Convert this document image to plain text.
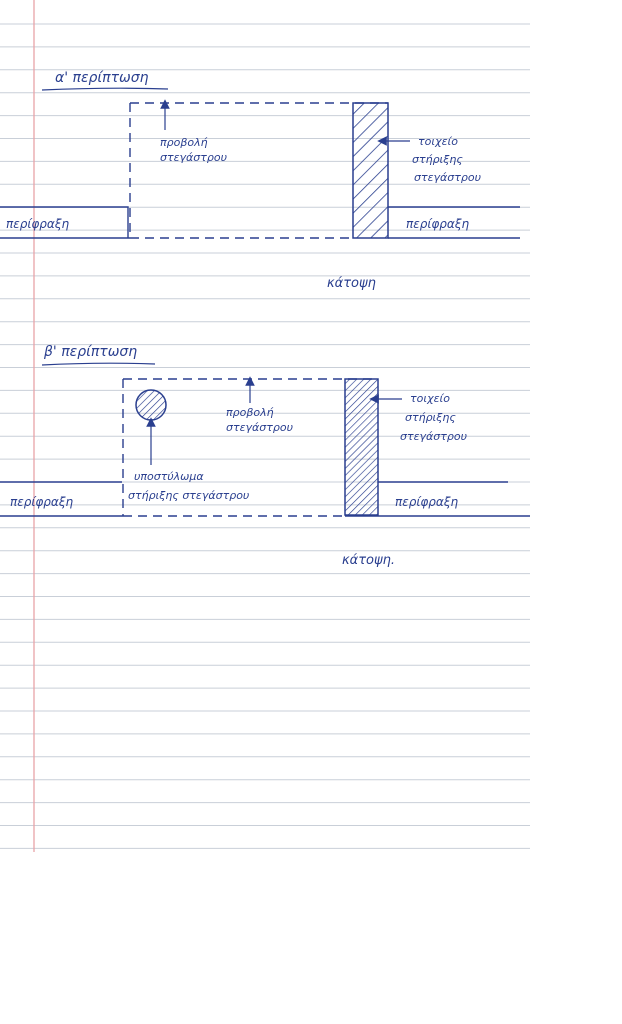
α' περίπτωση
προβολή
στεγάστρου
τοιχείο
στήριξης
στεγάστρου
περίφραξη	περίφραξη
κάτοψη
β' περίπτωση
προβολή
στεγάστρου
τοιχείο
στήριξης
στεγάστρου
υποστύλωμα
στήριξης στεγάστρου
περίφραξη	περίφραξη
κάτοψη.
